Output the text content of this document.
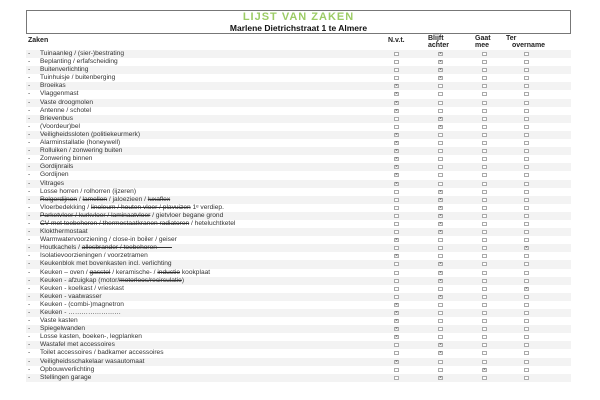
LIJST VAN ZAKEN
Marlene Dietrichstraat 1 te Almere
Zaken	N.v.t.	Blijft
achter
Gaat
mee
Ter
overname
- Tuinaanleg / (sier-)bestrating
×
- Beplanting / erfafscheiding
×
- Buitenverlichting
×
- Tuinhuisje / buitenberging
×
- Broeikas
×
- Vlaggenmast
×
- Vaste droogmolen
×
- Antenne / schotel
×
- Brievenbus
×
- (Voordeur)bel
×
- Veiligheidssloten (politiekeurmerk)
×
- Alarminstallatie (honeywell)
×
- Rolluiken / zonwering buiten
×
- Zonwering binnen
×
- Gordijnrails
×
- Gordijnen
×
- Vitrages
×
- Losse horren / rolhorren (ijzeren)
×
- Rolgordijnen / lamellen / jaloezieen / luxaflex
×
- Vloerbedekking / linoleum / houten vloer / plavuizen 1ᵉ verdiep.
×
- Parketvloer / kurkvloer / laminaatvloer / gietvloer begane grond
×
- CV met toebehoren / thermostaatkranen radiatoren / heteluchtketel
×
- Klokthermostaat
×
- Warmwatervoorziening / close-in boiler / geiser
×
- Houtkachels / allesbrander / toebehoren ——
×
- Isolatievoorzieningen / voorzetramen
×
- Keukenblok met bovenkasten incl. verlichting
×
- Keuken – oven / gasstel / keramische- / inductie kookplaat
×
- Keuken - afzuigkap (motor/motorloos/recirculatie)
×
- Keuken - koelkast / vrieskast
×
- Keuken - vaatwasser
×
- Keuken - (combi-)magnetron
×
- Keuken - ……………………
×
- Vaste kasten
×
- Spiegelwanden
×
- Losse kasten, boeken-, legplanken
×
- Wastafel met accessoires
×
- Toilet accessoires / badkamer accessoires
×
- Veiligheidsschakelaar wasautomaat
×
- Opbouwverlichting
×
- Stellingen garage
×
